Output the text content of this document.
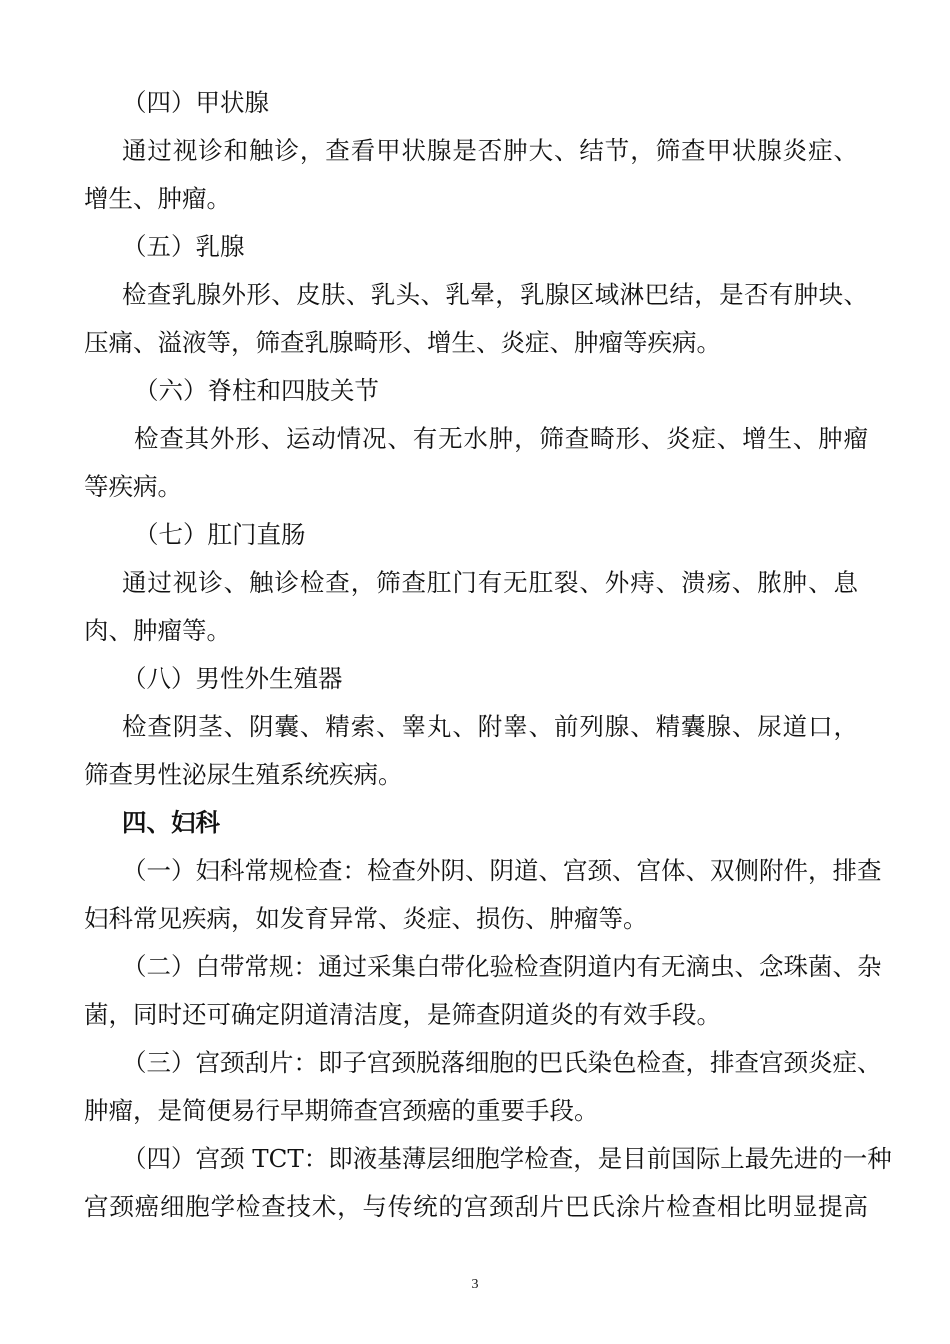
（四）甲状腺
通过视诊和触诊，查看甲状腺是否肿大、结节，筛查甲状腺炎症、
增生、肿瘤。
（五）乳腺
检查乳腺外形、皮肤、乳头、乳晕，乳腺区域淋巴结，是否有肿块、
压痛、溢液等，筛查乳腺畸形、增生、炎症、肿瘤等疾病。
（六）脊柱和四肢关节
检查其外形、运动情况、有无水肿，筛查畸形、炎症、增生、肿瘤
等疾病。
（七）肛门直肠
通过视诊、触诊检查，筛查肛门有无肛裂、外痔、溃疡、脓肿、息
肉、肿瘤等。
（八）男性外生殖器
检查阴茎、阴囊、精索、睾丸、附睾、前列腺、精囊腺、尿道口，
筛查男性泌尿生殖系统疾病。
四、妇科
（一）妇科常规检查：检查外阴、阴道、宫颈、宫体、双侧附件，排查
妇科常见疾病，如发育异常、炎症、损伤、肿瘤等。
（二）白带常规：通过采集白带化验检查阴道内有无滴虫、念珠菌、杂
菌，同时还可确定阴道清洁度，是筛查阴道炎的有效手段。
（三）宫颈刮片：即子宫颈脱落细胞的巴氏染色检查，排查宫颈炎症、
肿瘤，是简便易行早期筛查宫颈癌的重要手段。
（四）宫颈 TCT：即液基薄层细胞学检查，是目前国际上最先进的一种
宫颈癌细胞学检查技术，与传统的宫颈刮片巴氏涂片检查相比明显提高
3
